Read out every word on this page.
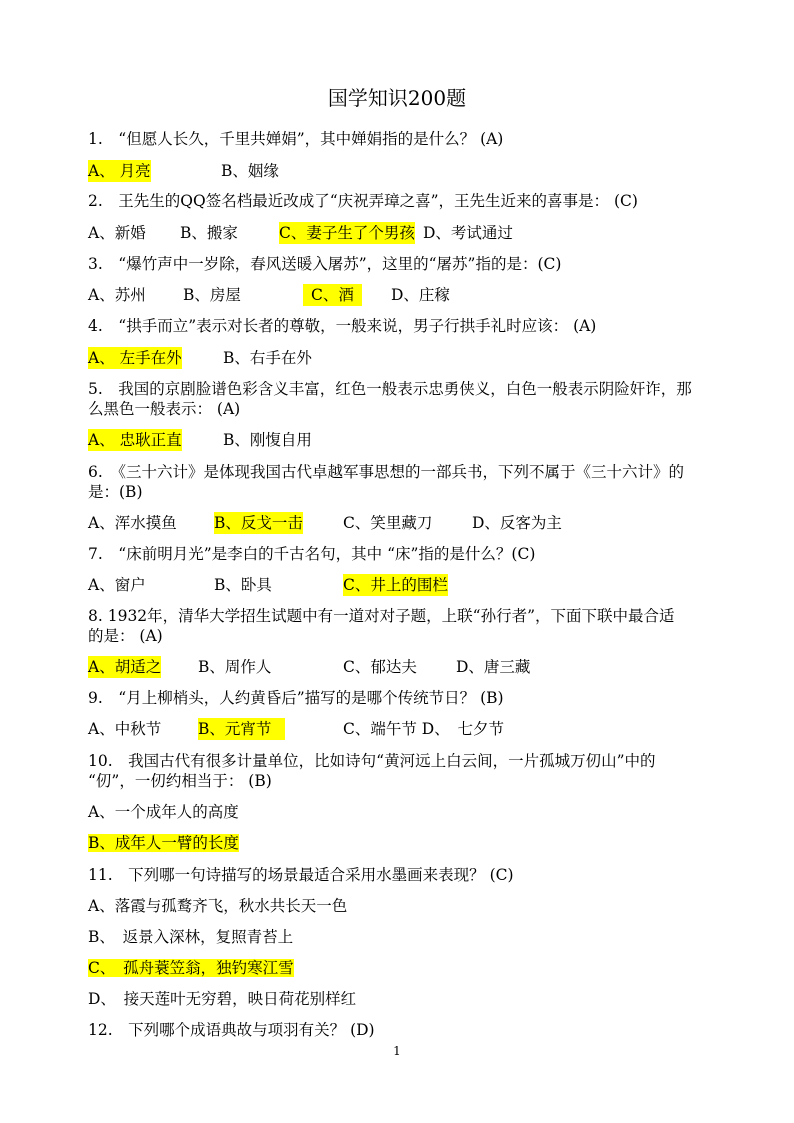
国学知识200题
1.　“但愿人长久，千里共婵娟”，其中婵娟指的是什么？ (A)
A、 月亮	B、姻缘
2.　王先生的QQ签名档最近改成了“庆祝弄璋之喜”，王先生近来的喜事是： (C)
A、新婚 B、搬家	C、妻子生了个男孩 D、考试通过
3.　“爆竹声中一岁除，春风送暖入屠苏”，这里的“屠苏”指的是：(C)
A、苏州 B、房屋	C、酒	D、庄稼
4.　“拱手而立”表示对长者的尊敬，一般来说，男子行拱手礼时应该： (A)
A、 左手在外	B、右手在外
5.　我国的京剧脸谱色彩含义丰富，红色一般表示忠勇侠义，白色一般表示阴险奸诈，那
么黑色一般表示： (A)
A、 忠耿正直	B、刚愎自用
6.　《三十六计》是体现我国古代卓越军事思想的一部兵书，下列不属于《三十六计》的
是：(B)
A、浑水摸鱼 B、反戈一击	C、笑里藏刀	D、反客为主
7.　“床前明月光”是李白的千古名句，其中 “床”指的是什么？(C)
A、窗户	B、卧具	C、井上的围栏
8. 1932年，清华大学招生试题中有一道对对子题，上联“孙行者”，下面下联中最合适
的是： (A)
A、胡适之 B、周作人	C、郁达夫	D、唐三藏
9.　“月上柳梢头，人约黄昏后”描写的是哪个传统节日？ (B)
A、中秋节 B、元宵节	C、端午节 D、　七夕节
10.　我国古代有很多计量单位，比如诗句“黄河远上白云间，一片孤城万仞山”中的
“仞”，一仞约相当于： (B)
A、一个成年人的高度
B、成年人一臂的长度
11.　下列哪一句诗描写的场景最适合采用水墨画来表现？ (C)
A、落霞与孤鹜齐飞，秋水共长天一色
B、　返景入深林，复照青苔上
C、　孤舟蓑笠翁，独钓寒江雪
D、　接天莲叶无穷碧，映日荷花别样红
12.　下列哪个成语典故与项羽有关？ (D)
1
